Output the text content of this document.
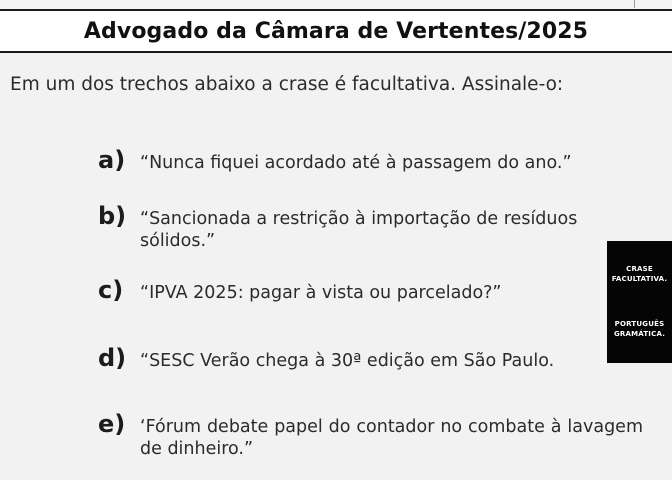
Advogado da Câmara de Vertentes/2025
Em um dos trechos abaixo a crase é facultativa. Assinale-o:
a) “Nunca fiquei acordado até à passagem do ano.”
b) “Sancionada a restrição à importação de resíduos sólidos.”
c) “IPVA 2025: pagar à vista ou parcelado?”
d) “SESC Verão chega à 30ª edição em São Paulo.
e) ‘Fórum debate papel do contador no combate à lavagem de dinheiro.”
CRASE
FACULTATIVA.
PORTUGUÊS
GRAMÁTICA.
